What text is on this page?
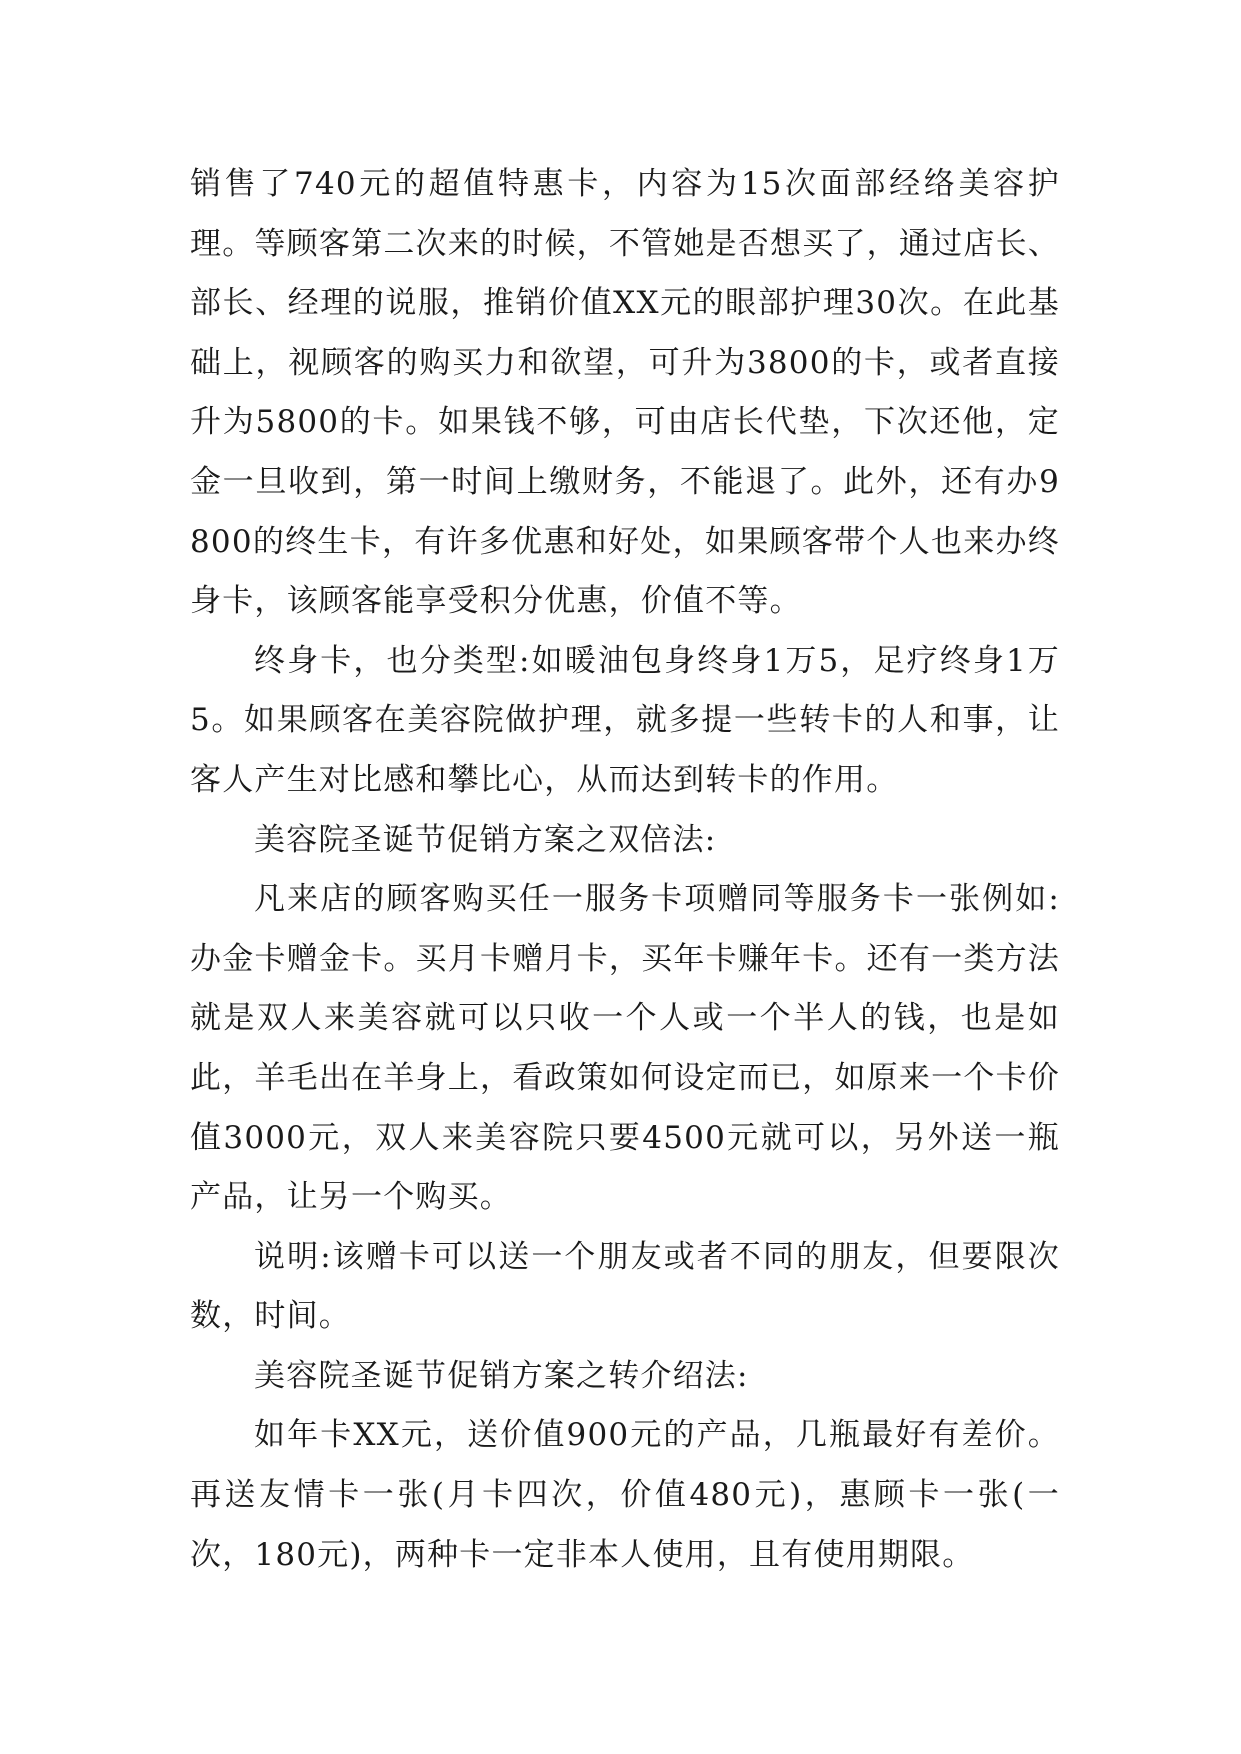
销售了740元的超值特惠卡，内容为15次面部经络美容护理。等顾客第二次来的时候，不管她是否想买了，通过店长、部长、经理的说服，推销价值XX元的眼部护理30次。在此基础上，视顾客的购买力和欲望，可升为3800的卡，或者直接升为5800的卡。如果钱不够，可由店长代垫，下次还他，定金一旦收到，第一时间上缴财务，不能退了。此外，还有办9800的终生卡，有许多优惠和好处，如果顾客带个人也来办终身卡，该顾客能享受积分优惠，价值不等。

终身卡，也分类型:如暖油包身终身1万5，足疗终身1万5。如果顾客在美容院做护理，就多提一些转卡的人和事，让客人产生对比感和攀比心，从而达到转卡的作用。

美容院圣诞节促销方案之双倍法:

凡来店的顾客购买任一服务卡项赠同等服务卡一张例如:办金卡赠金卡。买月卡赠月卡，买年卡赚年卡。还有一类方法就是双人来美容就可以只收一个人或一个半人的钱，也是如此，羊毛出在羊身上，看政策如何设定而已，如原来一个卡价值3000元，双人来美容院只要4500元就可以，另外送一瓶产品，让另一个购买。

说明:该赠卡可以送一个朋友或者不同的朋友，但要限次数，时间。

美容院圣诞节促销方案之转介绍法:

如年卡XX元，送价值900元的产品，几瓶最好有差价。再送友情卡一张(月卡四次，价值480元)，惠顾卡一张(一次，180元)，两种卡一定非本人使用，且有使用期限。
